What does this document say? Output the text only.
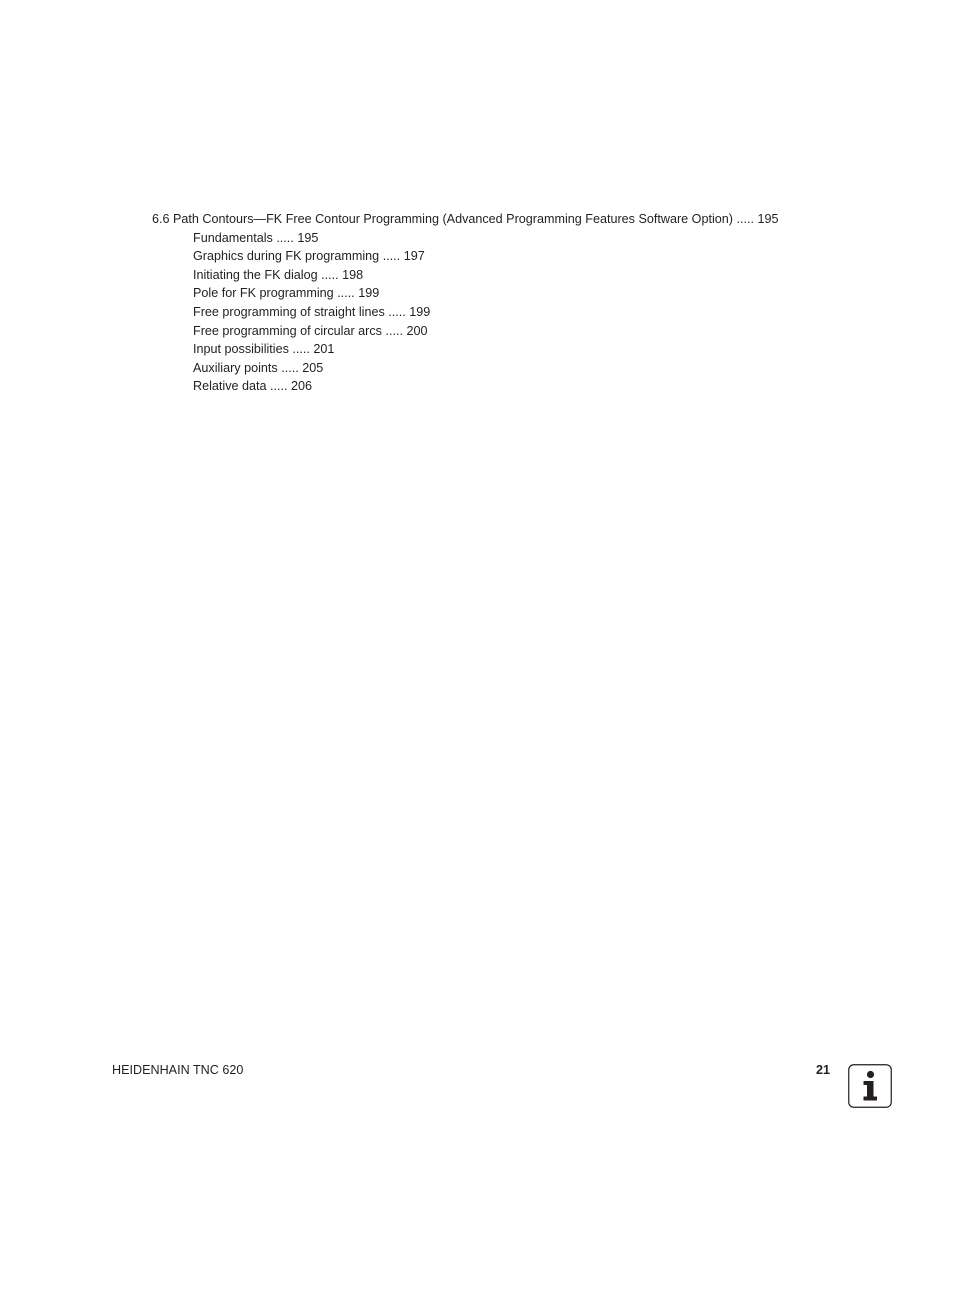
6.6 Path Contours—FK Free Contour Programming (Advanced Programming Features Software Option) ..... 195
Fundamentals ..... 195
Graphics during FK programming ..... 197
Initiating the FK dialog ..... 198
Pole for FK programming ..... 199
Free programming of straight lines ..... 199
Free programming of circular arcs ..... 200
Input possibilities ..... 201
Auxiliary points ..... 205
Relative data ..... 206
HEIDENHAIN TNC 620	21
